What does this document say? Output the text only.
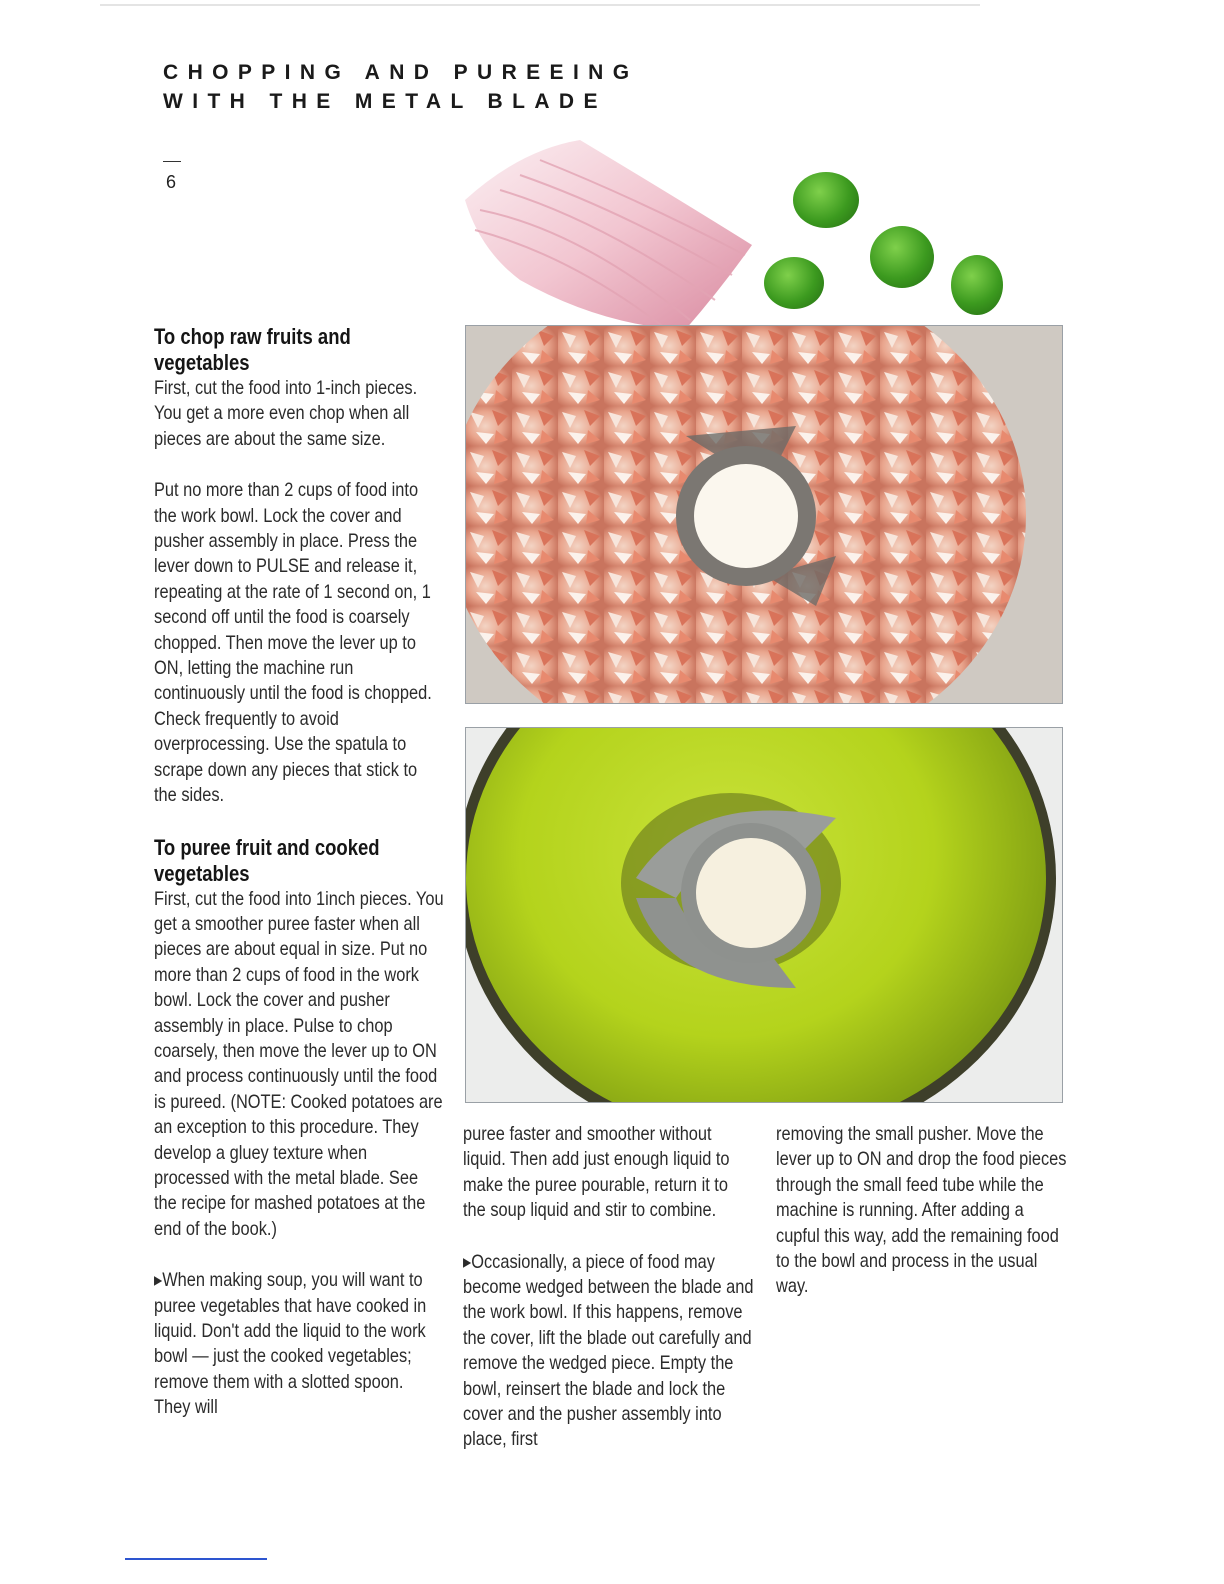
CHOPPING AND PUREEING
WITH THE METAL BLADE
6
To chop raw fruits and vegetables

First, cut the food into 1-inch pieces. You get a more even chop when all pieces are about the same size.

Put no more than 2 cups of food into the work bowl. Lock the cover and pusher assembly in place. Press the lever down to PULSE and release it, repeating at the rate of 1 second on, 1 second off until the food is coarsely chopped. Then move the lever up to ON, letting the machine run continuously until the food is chopped. Check frequently to avoid overprocessing. Use the spatula to scrape down any pieces that stick to the sides.

To puree fruit and cooked vegetables

First, cut the food into 1inch pieces. You get a smoother puree faster when all pieces are about equal in size. Put no more than 2 cups of food in the work bowl. Lock the cover and pusher assembly in place. Pulse to chop coarsely, then move the lever up to ON and process continuously until the food is pureed. (NOTE: Cooked potatoes are an exception to this procedure. They develop a gluey texture when processed with the metal blade. See the recipe for mashed potatoes at the end of the book.)

▸When making soup, you will want to puree vegetables that have cooked in liquid. Don't add the liquid to the work bowl — just the cooked vegetables; remove them with a slotted spoon. They will

puree faster and smoother without liquid. Then add just enough liquid to make the puree pourable, return it to the soup liquid and stir to combine.

▸Occasionally, a piece of food may become wedged between the blade and the work bowl. If this happens, remove the cover, lift the blade out carefully and remove the wedged piece. Empty the bowl, reinsert the blade and lock the cover and the pusher assembly into place, first

removing the small pusher. Move the lever up to ON and drop the food pieces through the small feed tube while the machine is running. After adding a cupful this way, add the remaining food to the bowl and process in the usual way.
